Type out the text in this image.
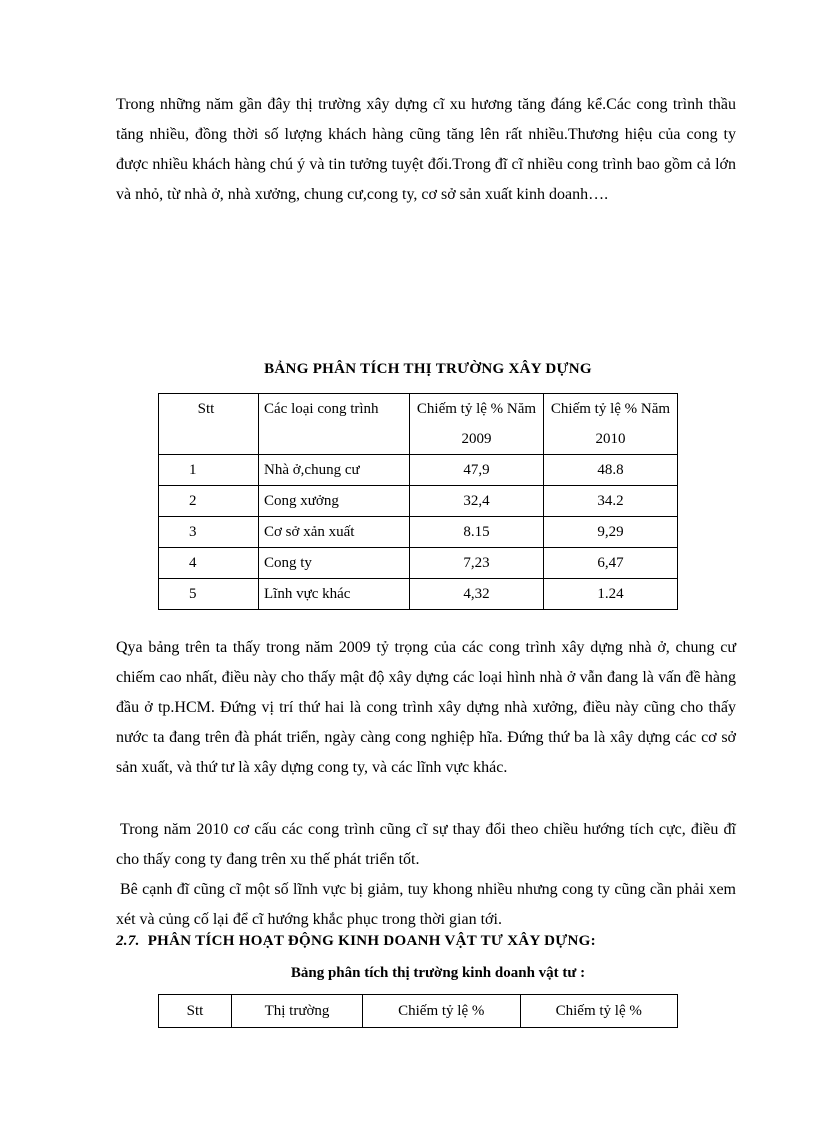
Trong những năm gần đây thị trường xây dựng cĩ xu hương tăng đáng kể.Các cong trình thầu tăng nhiều, đồng thời số lượng khách hàng cũng tăng lên rất nhiều.Thương hiệu của cong ty được nhiều khách hàng chú ý và tin tưởng tuyệt đối.Trong đĩ cĩ nhiều cong trình bao gồm cả lớn và nhỏ, từ nhà ở, nhà xưởng, chung cư,cong ty, cơ sở sản xuất kinh doanh….

BẢNG PHÂN TÍCH THỊ TRƯỜNG XÂY DỰNG
Stt	Các loại cong trình	Chiếm tỷ lệ % Năm 2009	Chiếm tỷ lệ % Năm 2010
1	Nhà ở,chung cư	47,9	48.8
2	Cong xưởng	32,4	34.2
3	Cơ sở xản xuất	8.15	9,29
4	Cong ty	7,23	6,47
5	Lĩnh vực khác	4,32	1.24

Qya bảng trên ta thấy trong năm 2009 tỷ trọng của các cong trình xây dựng nhà ở, chung cư chiếm cao nhất, điều này cho thấy mật độ xây dựng các loại hình nhà ở vẫn đang là vấn đề hàng đầu ở tp.HCM. Đứng vị trí thứ hai là cong trình xây dựng nhà xưởng, điều này cũng cho thấy nước ta đang trên đà phát triển, ngày càng cong nghiệp hĩa. Đứng thứ ba là xây dựng các cơ sở sản xuất, và thứ tư là xây dựng cong ty, và các lĩnh vực khác.

Trong năm 2010 cơ cấu các cong trình cũng cĩ sự thay đổi theo chiều hướng tích cực, điều đĩ cho thấy cong ty đang trên xu thế phát triển tốt.

Bê cạnh đĩ cũng cĩ một số lĩnh vực bị giảm, tuy khong nhiều nhưng cong ty cũng cần phải xem xét và củng cố lại để cĩ hướng khắc phục trong thời gian tới.

2.7. PHÂN TÍCH HOẠT ĐỘNG KINH DOANH VẬT TƯ XÂY DỰNG:
Bảng phân tích thị trường kinh doanh vật tư :
Stt	Thị trường	Chiếm tỷ lệ %	Chiếm tỷ lệ %
